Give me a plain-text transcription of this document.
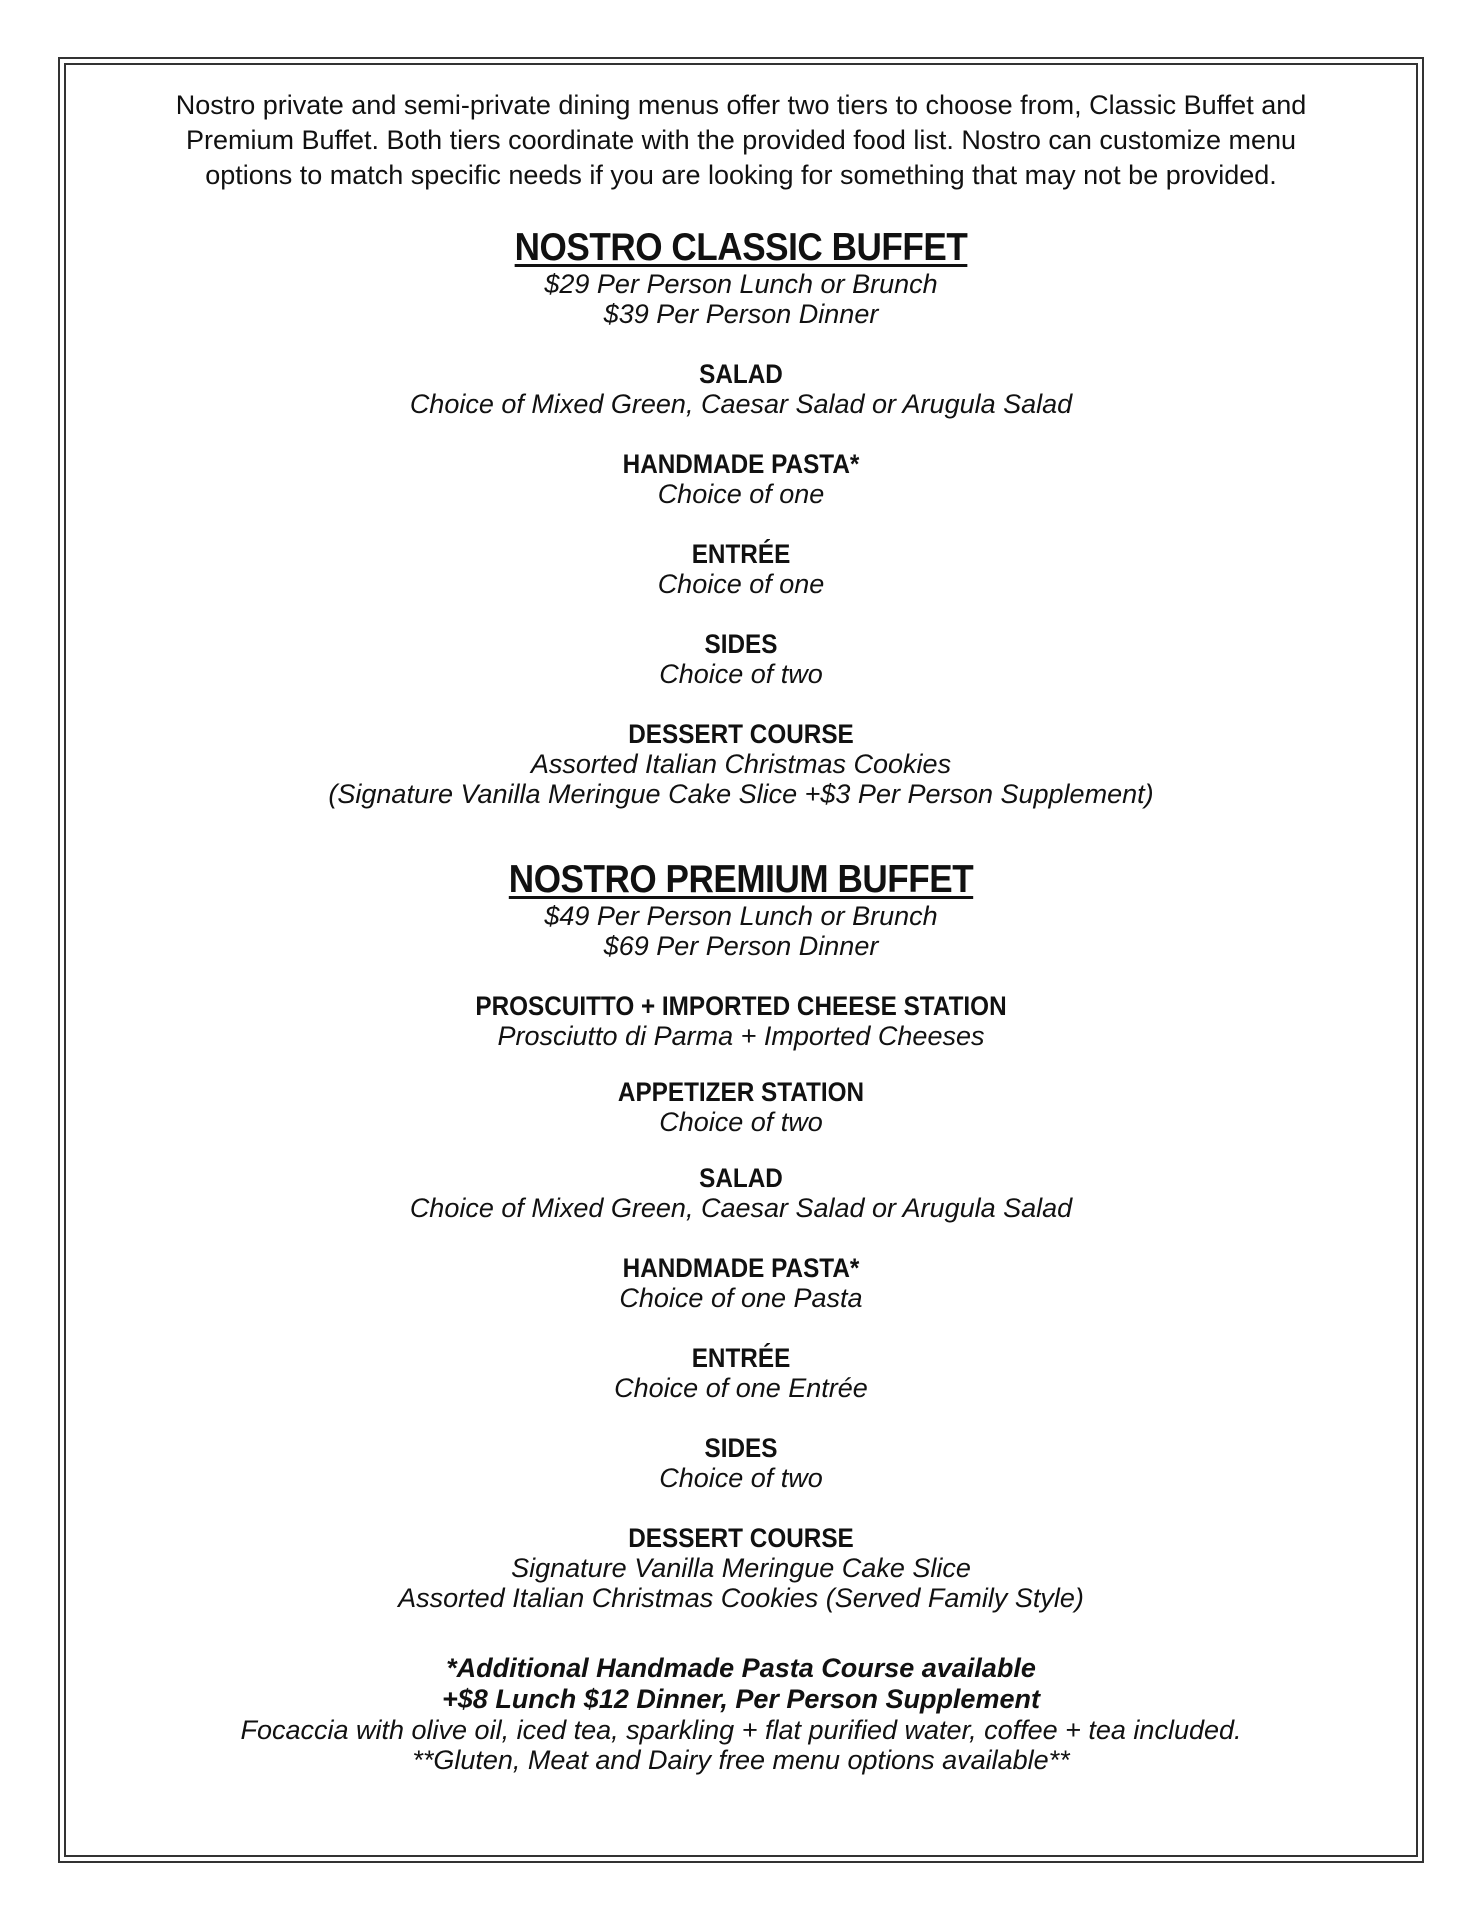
Nostro private and semi-private dining menus offer two tiers to choose from, Classic Buffet and
Premium Buffet. Both tiers coordinate with the provided food list. Nostro can customize menu
options to match specific needs if you are looking for something that may not be provided.
NOSTRO CLASSIC BUFFET
$29 Per Person Lunch or Brunch
$39 Per Person Dinner
SALAD
Choice of Mixed Green, Caesar Salad or Arugula Salad
HANDMADE PASTA*
Choice of one
ENTRÉE
Choice of one
SIDES
Choice of two
DESSERT COURSE
Assorted Italian Christmas Cookies
(Signature Vanilla Meringue Cake Slice +$3 Per Person Supplement)
NOSTRO PREMIUM BUFFET
$49 Per Person Lunch or Brunch
$69 Per Person Dinner
PROSCUITTO + IMPORTED CHEESE STATION
Prosciutto di Parma + Imported Cheeses
APPETIZER STATION
Choice of two
SALAD
Choice of Mixed Green, Caesar Salad or Arugula Salad
HANDMADE PASTA*
Choice of one Pasta
ENTRÉE
Choice of one Entrée
SIDES
Choice of two
DESSERT COURSE
Signature Vanilla Meringue Cake Slice
Assorted Italian Christmas Cookies (Served Family Style)
*Additional Handmade Pasta Course available
+$8 Lunch $12 Dinner, Per Person Supplement
Focaccia with olive oil, iced tea, sparkling + flat purified water, coffee + tea included.
**Gluten, Meat and Dairy free menu options available**
